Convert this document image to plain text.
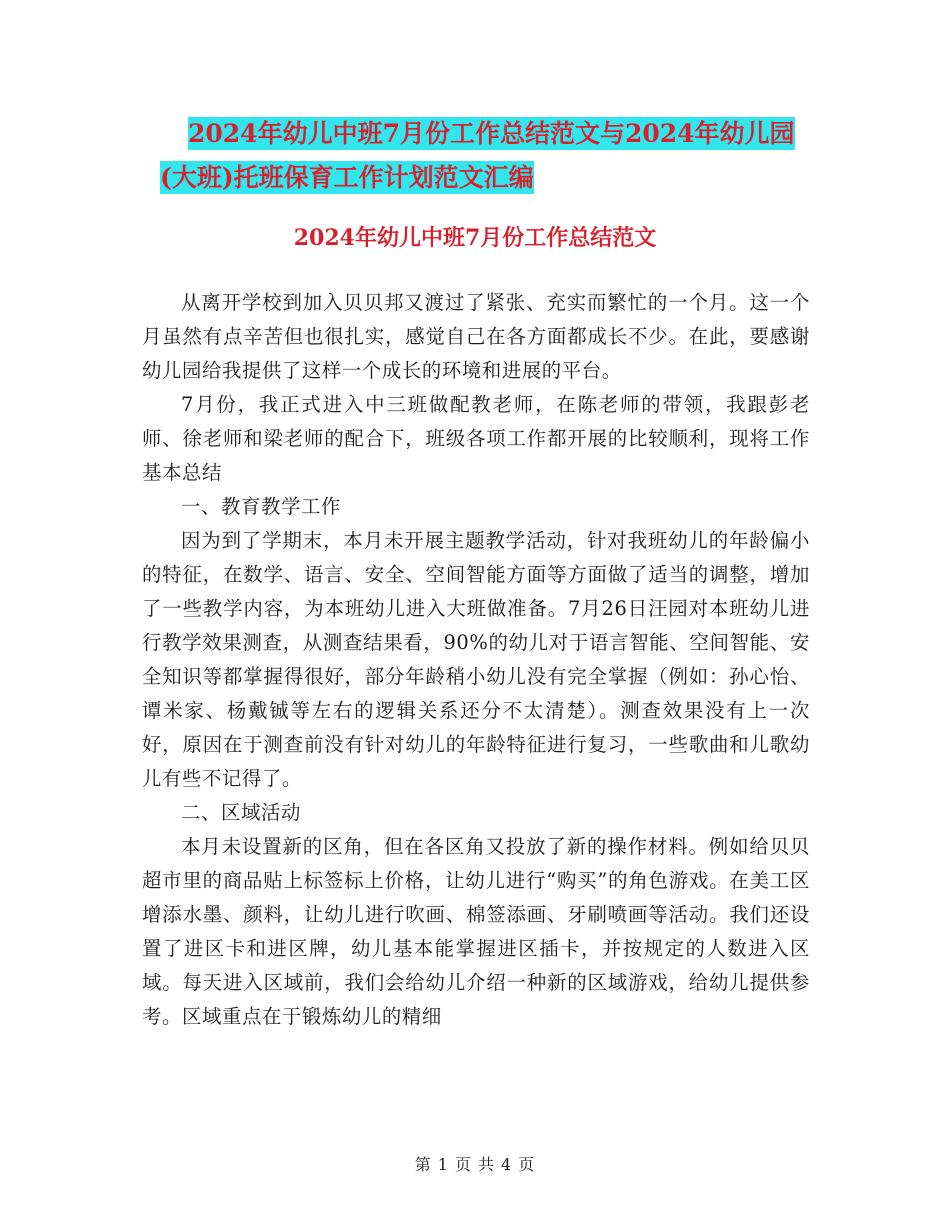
2024年幼儿中班7月份工作总结范文与2024年幼儿园
(大班)托班保育工作计划范文汇编
2024年幼儿中班7月份工作总结范文

从离开学校到加入贝贝邦又渡过了紧张、充实而繁忙的一个月。这一个月虽然有点辛苦但也很扎实，感觉自己在各方面都成长不少。在此，要感谢幼儿园给我提供了这样一个成长的环境和进展的平台。

7月份，我正式进入中三班做配教老师，在陈老师的带领，我跟彭老师、徐老师和梁老师的配合下，班级各项工作都开展的比较顺利，现将工作基本总结

一、教育教学工作

因为到了学期末，本月未开展主题教学活动，针对我班幼儿的年龄偏小的特征，在数学、语言、安全、空间智能方面等方面做了适当的调整，增加了一些教学内容，为本班幼儿进入大班做准备。7月26日汪园对本班幼儿进行教学效果测查，从测查结果看，90%的幼儿对于语言智能、空间智能、安全知识等都掌握得很好，部分年龄稍小幼儿没有完全掌握（例如：孙心怡、谭米家、杨戴铖等左右的逻辑关系还分不太清楚）。测查效果没有上一次好，原因在于测查前没有针对幼儿的年龄特征进行复习，一些歌曲和儿歌幼儿有些不记得了。

二、区域活动

本月未设置新的区角，但在各区角又投放了新的操作材料。例如给贝贝超市里的商品贴上标签标上价格，让幼儿进行“购买”的角色游戏。在美工区增添水墨、颜料，让幼儿进行吹画、棉签添画、牙刷喷画等活动。我们还设置了进区卡和进区牌，幼儿基本能掌握进区插卡，并按规定的人数进入区域。每天进入区域前，我们会给幼儿介绍一种新的区域游戏，给幼儿提供参考。区域重点在于锻炼幼儿的精细

第 1 页 共 4 页
